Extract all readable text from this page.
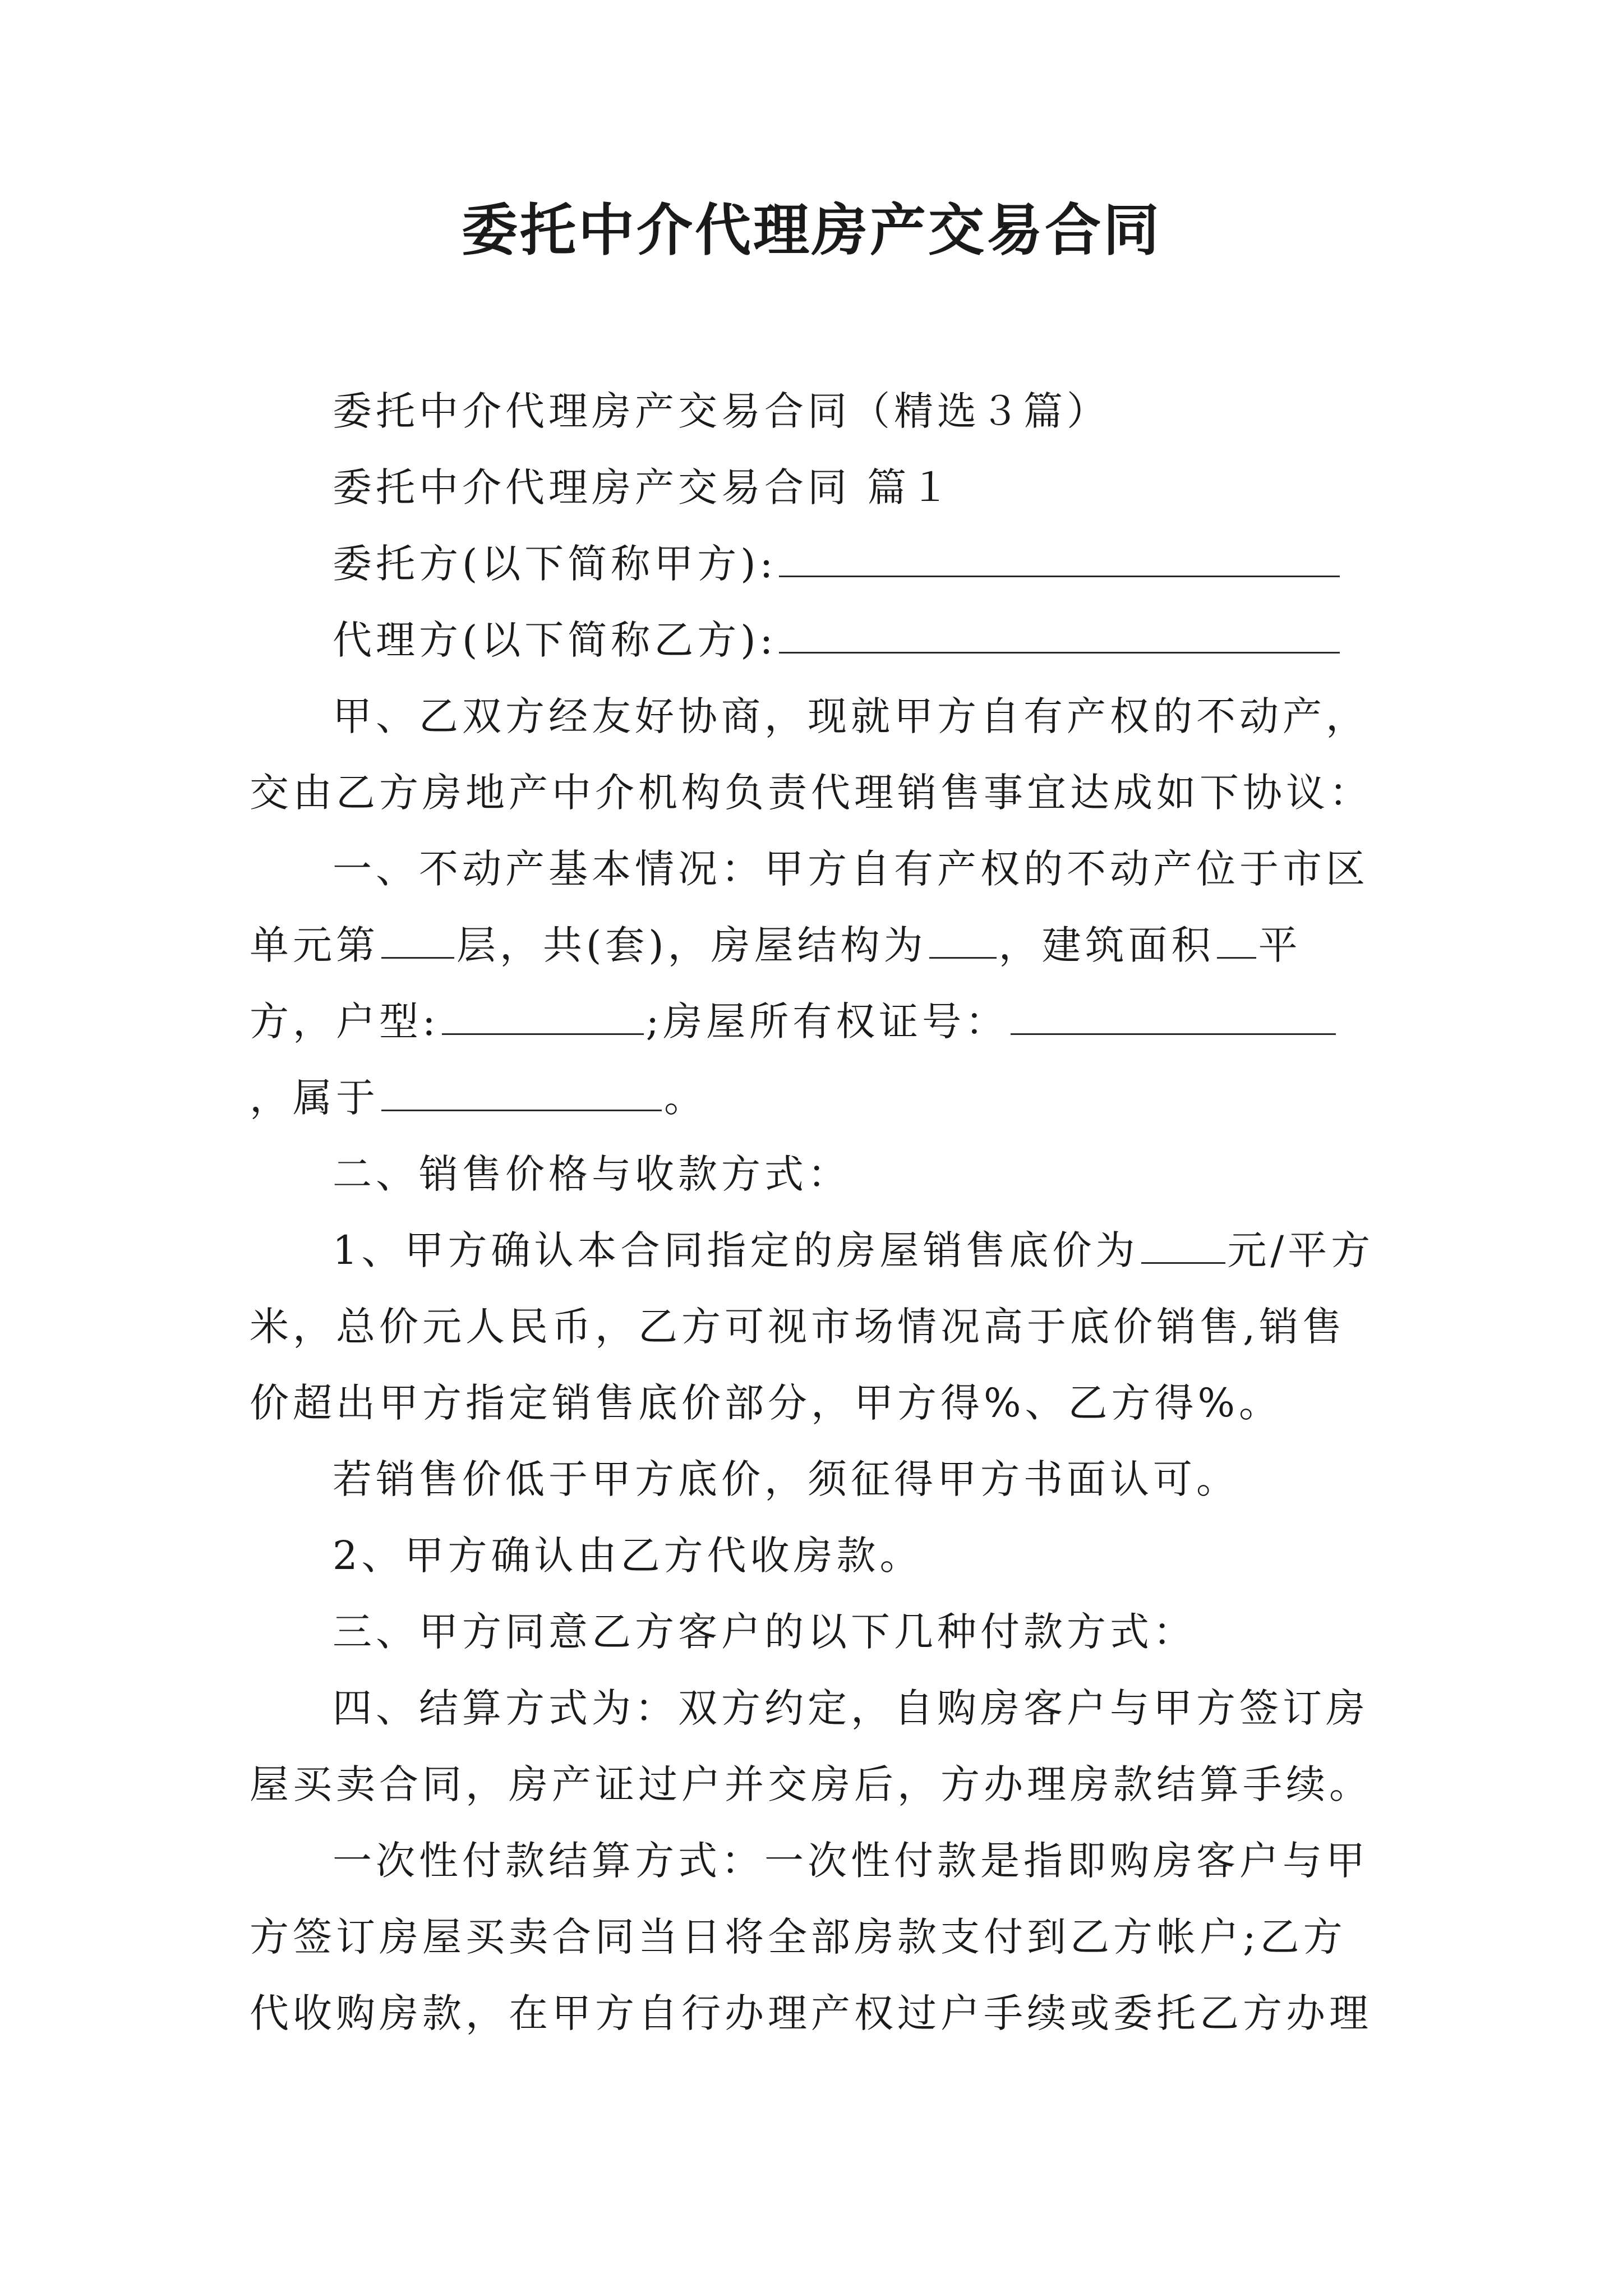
委托中介代理房产交易合同

委托中介代理房产交易合同（精选３篇）

委托中介代理房产交易合同 篇１

委托方(以下简称甲方):

代理方(以下简称乙方):

甲、乙双方经友好协商，现就甲方自有产权的不动产，交由乙方房地产中介机构负责代理销售事宜达成如下协议：

一、不动产基本情况：甲方自有产权的不动产位于市区单元第 层，共(套)，房屋结构为 ，建筑面积 平方，户型:	;房屋所有权证号：，属于	。

二、销售价格与收款方式：

1、甲方确认本合同指定的房屋销售底价为 元/平方米，总价元人民币，乙方可视市场情况高于底价销售,销售价超出甲方指定销售底价部分，甲方得%、乙方得%。

若销售价低于甲方底价，须征得甲方书面认可。

2、甲方确认由乙方代收房款。

三、甲方同意乙方客户的以下几种付款方式：

四、结算方式为：双方约定，自购房客户与甲方签订房屋买卖合同，房产证过户并交房后，方办理房款结算手续。

一次性付款结算方式：一次性付款是指即购房客户与甲方签订房屋买卖合同当日将全部房款支付到乙方帐户;乙方代收购房款，在甲方自行办理产权过户手续或委托乙方办理
